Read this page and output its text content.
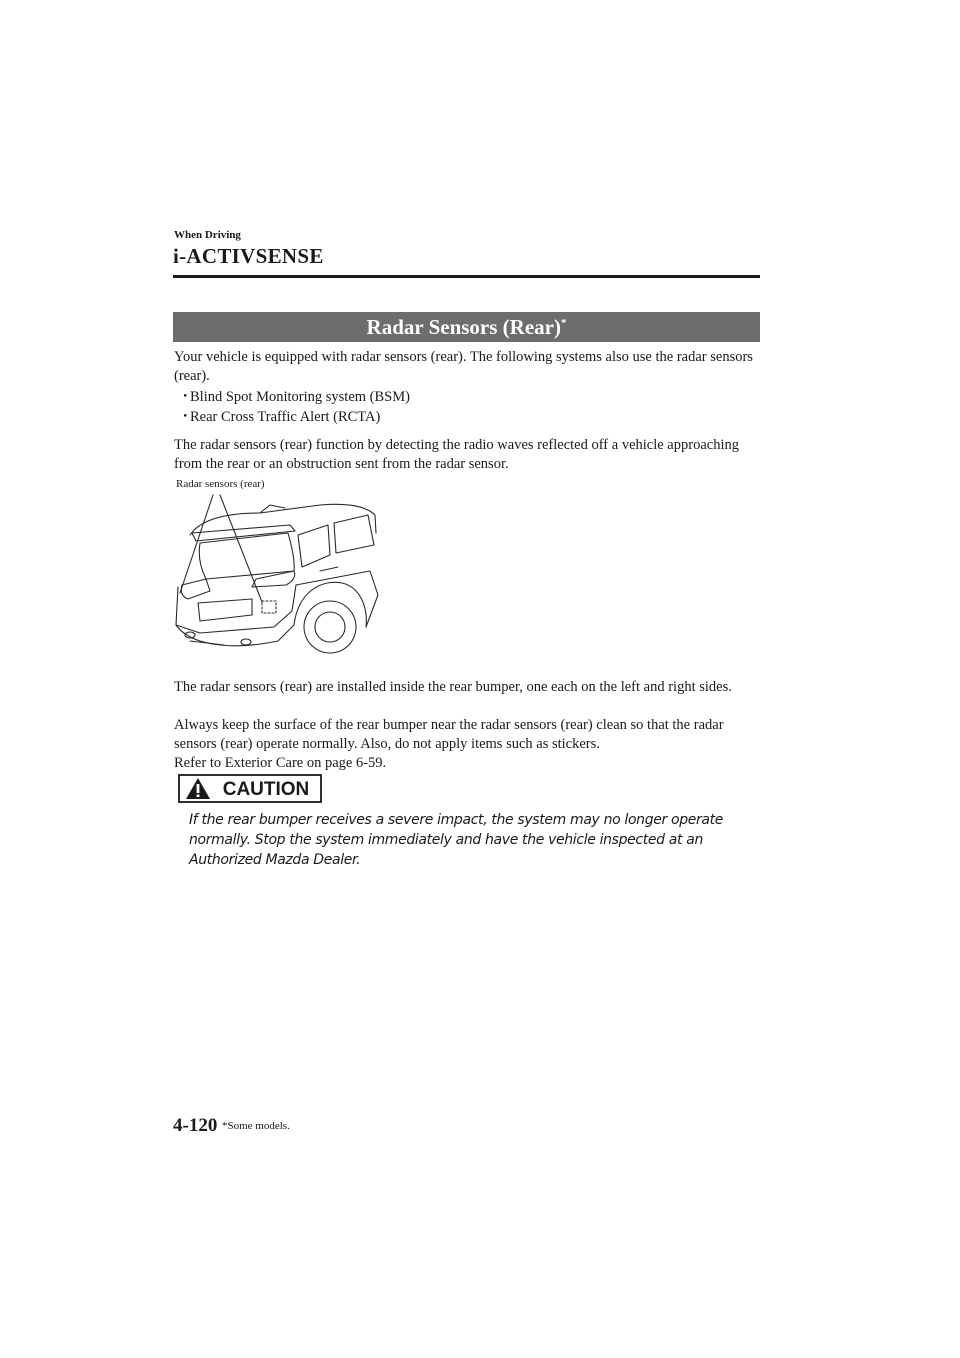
When Driving
i-ACTIVSENSE
Radar Sensors (Rear)*
Your vehicle is equipped with radar sensors (rear). The following systems also use the radar sensors (rear).
・ Blind Spot Monitoring system (BSM)
・ Rear Cross Traffic Alert (RCTA)
The radar sensors (rear) function by detecting the radio waves reflected off a vehicle approaching from the rear or an obstruction sent from the radar sensor.
Radar sensors (rear)
The radar sensors (rear) are installed inside the rear bumper, one each on the left and right sides.
Always keep the surface of the rear bumper near the radar sensors (rear) clean so that the radar sensors (rear) operate normally. Also, do not apply items such as stickers.
Refer to Exterior Care on page 6-59.
CAUTION
If the rear bumper receives a severe impact, the system may no longer operate normally. Stop the system immediately and have the vehicle inspected at an Authorized Mazda Dealer.
4-120 *Some models.
